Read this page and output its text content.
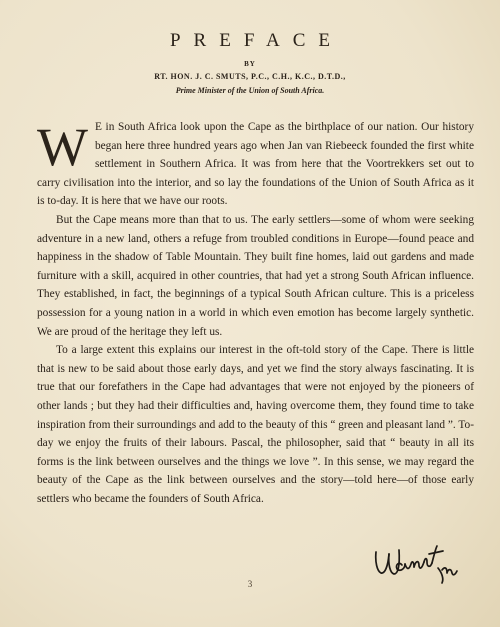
PREFACE
BY
RT. HON. J. C. SMUTS, P.C., C.H., K.C., D.T.D.,
Prime Minister of the Union of South Africa.

W E in South Africa look upon the Cape as the birthplace of our nation. Our history began here three hundred years ago when Jan van Riebeeck founded the first white settlement in Southern Africa. It was from here that the Voortrekkers set out to carry civilisation into the interior, and so lay the foundations of the Union of South Africa as it is to-day. It is here that we have our roots.

But the Cape means more than that to us. The early settlers—some of whom were seeking adventure in a new land, others a refuge from troubled conditions in Europe—found peace and happiness in the shadow of Table Mountain. They built fine homes, laid out gardens and made furniture with a skill, acquired in other countries, that had yet a strong South African influence. They established, in fact, the beginnings of a typical South African culture. This is a priceless possession for a young nation in a world in which even emotion has become largely synthetic. We are proud of the heritage they left us.

To a large extent this explains our interest in the oft-told story of the Cape. There is little that is new to be said about those early days, and yet we find the story always fascinating. It is true that our forefathers in the Cape had advantages that were not enjoyed by the pioneers of other lands ; but they had their difficulties and, having overcome them, they found time to take inspiration from their surroundings and add to the beauty of this “ green and pleasant land ”. To-day we enjoy the fruits of their labours. Pascal, the philosopher, said that “ beauty in all its forms is the link between ourselves and the things we love ”. In this sense, we may regard the beauty of the Cape as the link between ourselves and the story—told here—of those early settlers who became the founders of South Africa.

3
